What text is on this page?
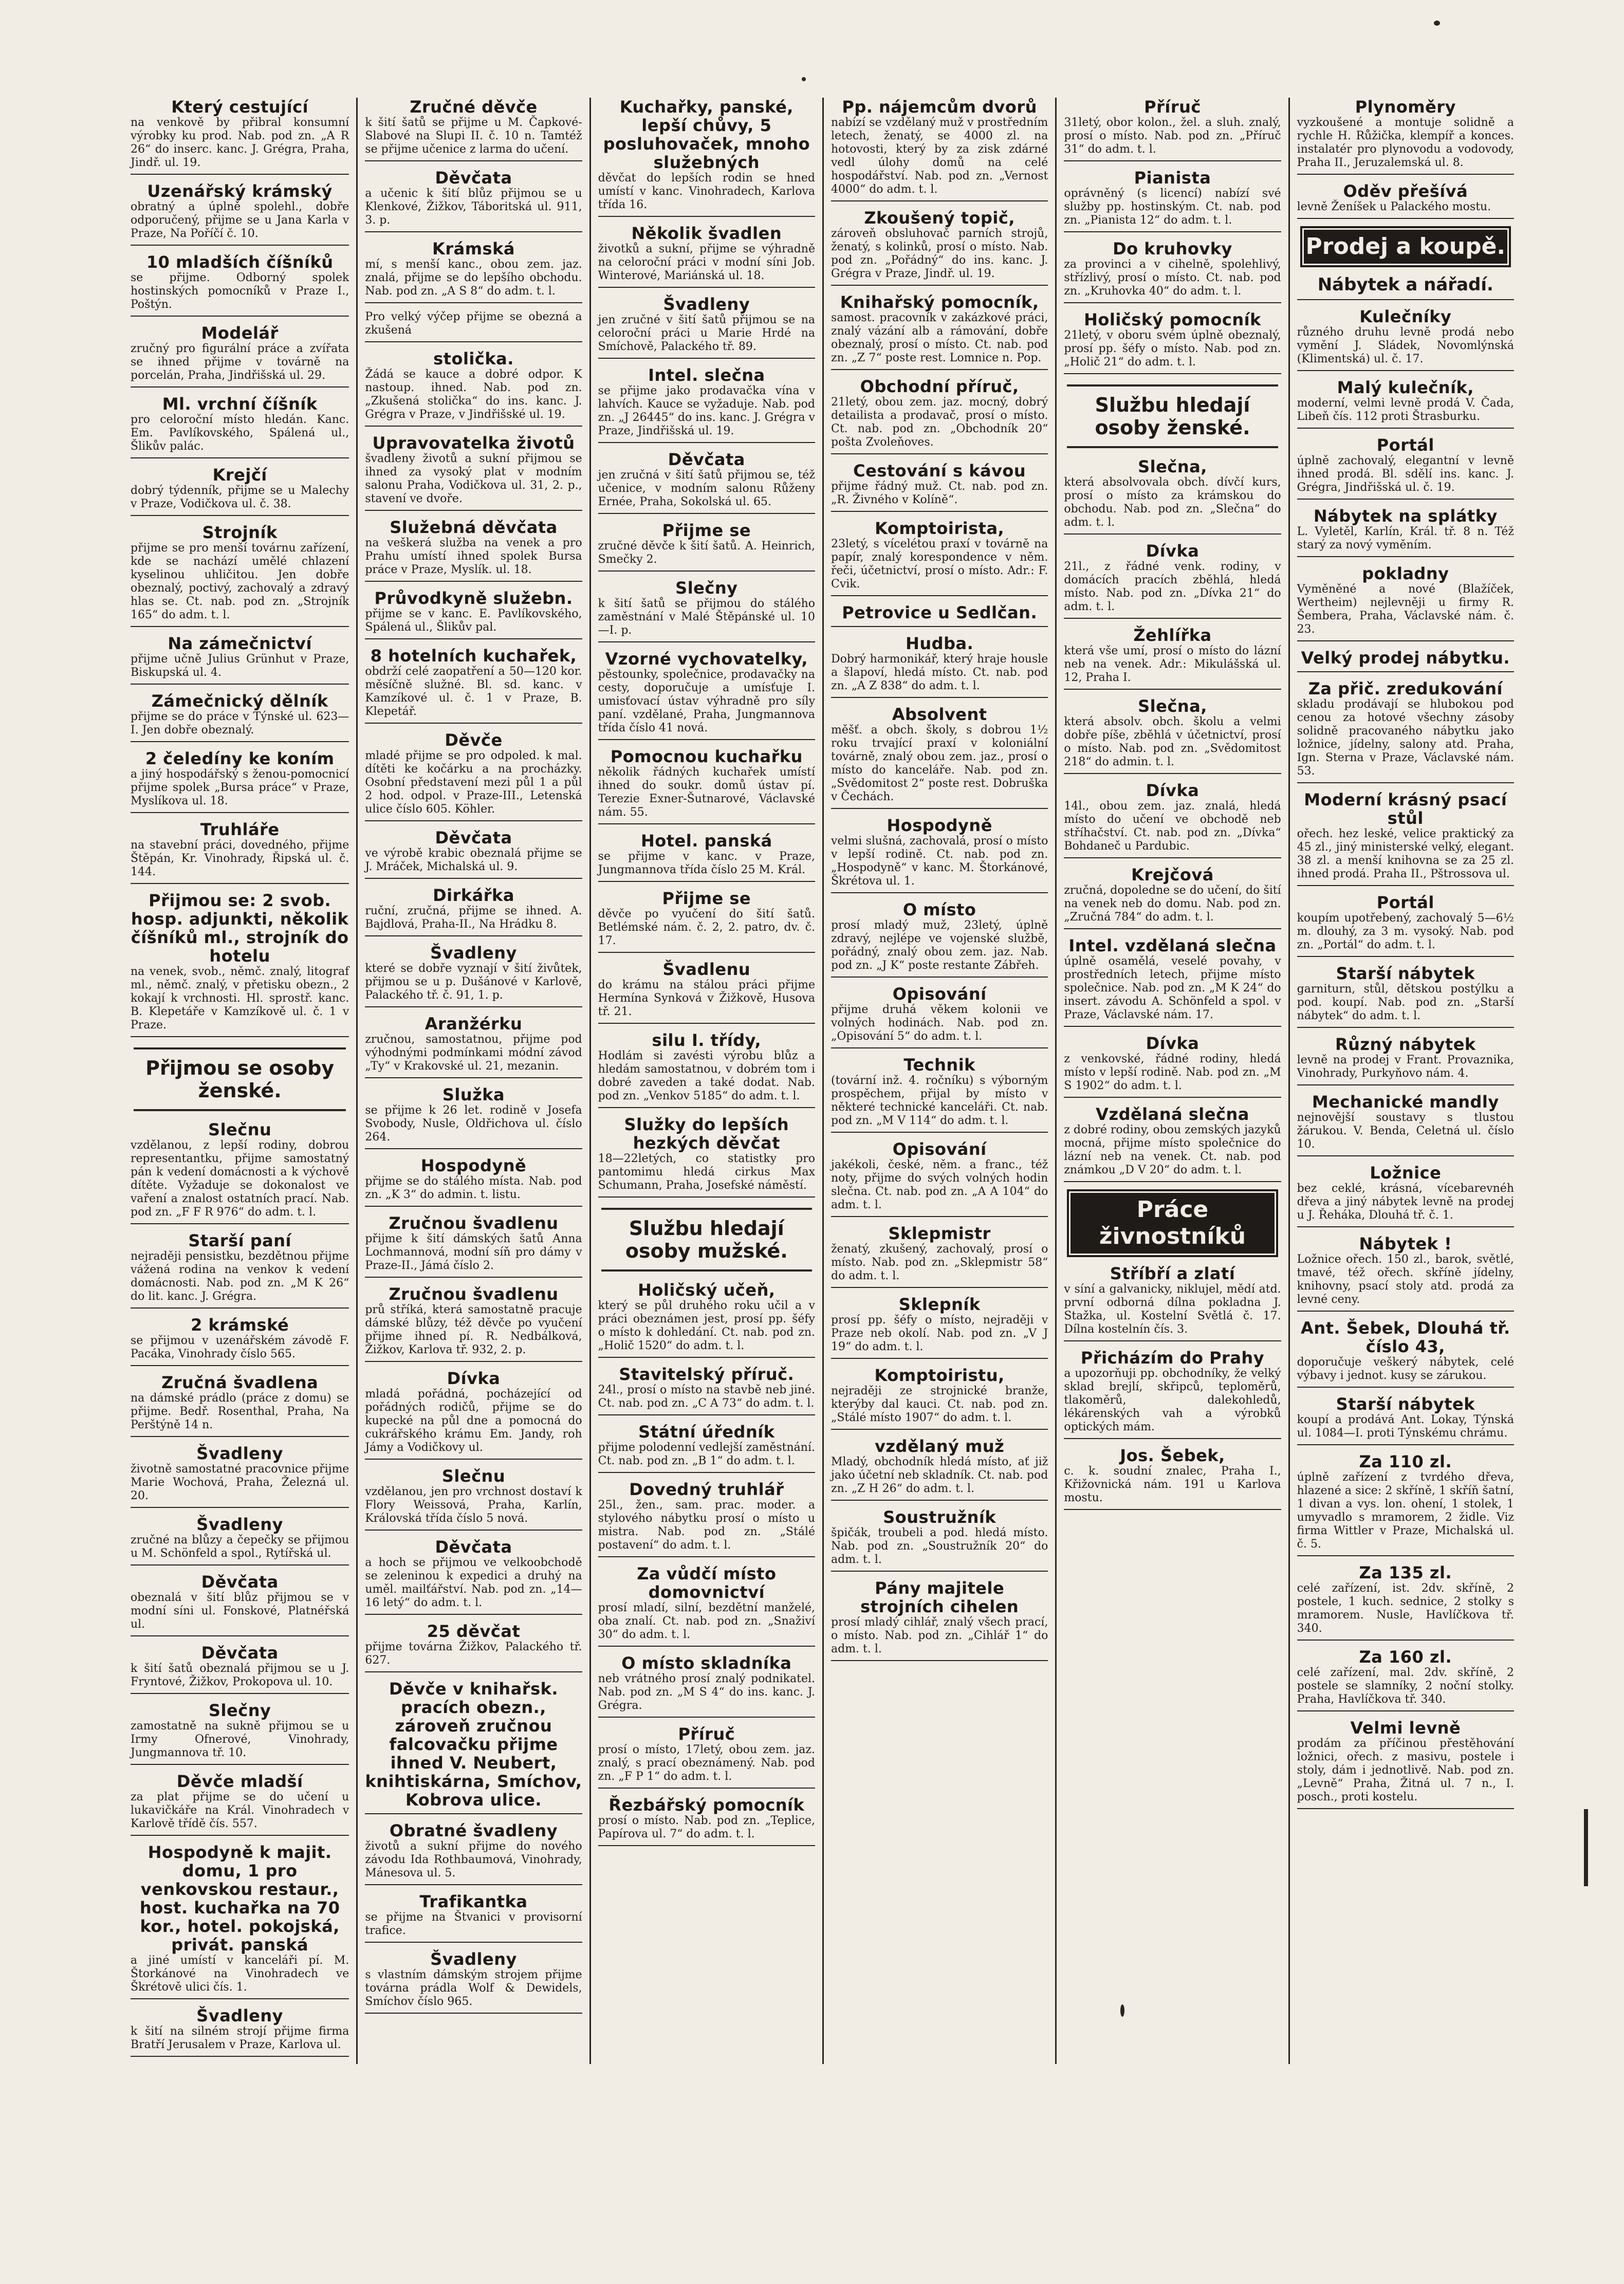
Který cestující
na venkově by přibral konsumní výrobky ku prod. Nab. pod zn. „A R 26“ do inserc. kanc. J. Grégra, Praha, Jindř. ul. 19.
Uzenářský krámský
obratný a úplně spolehl., dobře odporučený, přijme se u Jana Karla v Praze, Na Poříčí č. 10.
10 mladších číšníků
se přijme. Odborný spolek hostinských pomocníků v Praze I., Poštýn.
Modelář
zručný pro figurální práce a zvířata se ihned přijme v továrně na porcelán, Praha, Jindřišská ul. 29.
Ml. vrchní číšník
pro celoroční místo hledán. Kanc. Em. Pavlíkovského, Spálená ul., Šlikův palác.
Krejčí
dobrý týdenník, přijme se u Malechy v Praze, Vodičkova ul. č. 38.
Strojník
přijme se pro menší továrnu zařízení, kde se nachází umělé chlazení kyselinou uhličitou. Jen dobře obeznalý, poctivý, zachovalý a zdravý hlas se. Ct. nab. pod zn. „Strojník 165“ do adm. t. l.
Na zámečnictví
přijme učně Julius Grünhut v Praze, Biskupská ul. 4.
Zámečnický dělník
přijme se do práce v Týnské ul. 623—I. Jen dobře obeznalý.
2 čeledíny ke koním
a jiný hospodářský s ženou-pomocnicí přijme spolek „Bursa práce“ v Praze, Myslíkova ul. 18.
Truhláře
na stavební práci, dovedného, přijme Štěpán, Kr. Vinohrady, Řipská ul. č. 144.
Přijmou se: 2 svob. hosp. adjunkti, několik číšníků ml., strojník do hotelu
na venek, svob., němč. znalý, litograf ml., němč. znalý, v přetisku obezn., 2 kokají k vrchnosti. Hl. sprostř. kanc. B. Klepetáře v Kamzíkově ul. č. 1 v Praze.
Přijmou se osoby ženské.
Slečnu
vzdělanou, z lepší rodiny, dobrou representantku, přijme samostatný pán k vedení domácnosti a k výchově dítěte. Vyžaduje se dokonalost ve vaření a znalost ostatních prací. Nab. pod zn. „F F R 976“ do adm. t. l.
Starší paní
nejraději pensistku, bezdětnou přijme vážená rodina na venkov k vedení domácnosti. Nab. pod zn. „M K 26“ do lit. kanc. J. Grégra.
2 krámské
se přijmou v uzenářském závodě F. Pacáka, Vinohrady číslo 565.
Zručná švadlena
na dámské prádlo (práce z domu) se přijme. Bedř. Rosenthal, Praha, Na Perštýně 14 n.
Švadleny
životně samostatné pracovnice přijme Marie Wochová, Praha, Železná ul. 20.
Švadleny
zručné na blůzy a čepečky se přijmou u M. Schönfeld a spol., Rytířská ul.
Děvčata
obeznalá v šití blůz přijmou se v modní síni ul. Fonskové, Platnéřská ul.
Děvčata
k šití šatů obeznalá přijmou se u J. Fryntové, Žižkov, Prokopova ul. 10.
Slečny
zamostatně na sukně přijmou se u Irmy Ofnerové, Vinohrady, Jungmannova tř. 10.
Děvče mladší
za plat přijme se do učení u lukavičkáře na Král. Vinohradech v Karlově třídě čís. 557.
Hospodyně k majit. domu, 1 pro venkovskou restaur., host. kuchařka na 70 kor., hotel. pokojská, privát. panská
a jiné umístí v kanceláři pí. M. Štorkánové na Vinohradech ve Škrétově ulici čís. 1.
Švadleny
k šití na silném strojí přijme firma Bratří Jerusalem v Praze, Karlova ul.
Zručné děvče
k šití šatů se přijme u M. Čapkové-Slabové na Slupi II. č. 10 n. Tamtéž se přijme učenice z larma do učení.
Děvčata
a učenic k šití blůz přijmou se u Klenkové, Žižkov, Táboritská ul. 911, 3. p.
Krámská
mí, s menší kanc., obou zem. jaz. znalá, přijme se do lepšího obchodu. Nab. pod zn. „A S 8“ do adm. t. l.
Pro velký výčep přijme se obezná a zkušená
stolička.
Žádá se kauce a dobré odpor. K nastoup. ihned. Nab. pod zn. „Zkušená stolička“ do ins. kanc. J. Grégra v Praze, v Jindřišské ul. 19.
Upravovatelka životů
švadleny životů a sukní přijmou se ihned za vysoký plat v modním salonu Praha, Vodičkova ul. 31, 2. p., stavení ve dvoře.
Služebná děvčata
na veškerá služba na venek a pro Prahu umístí ihned spolek Bursa práce v Praze, Myslík. ul. 18.
Průvodkyně služebn.
přijme se v kanc. E. Pavlíkovského, Spálená ul., Šlikův pal.
8 hotelních kuchařek,
obdrží celé zaopatření a 50—120 kor. měsíčně služné. Bl. sd. kanc. v Kamzíkové ul. č. 1 v Praze, B. Klepetář.
Děvče
mladé přijme se pro odpoled. k mal. dítěti ke kočárku a na procházky. Osobní představení mezi půl 1 a půl 2 hod. odpol. v Praze-III., Letenská ulice číslo 605. Köhler.
Děvčata
ve výrobě krabic obeznalá přijme se J. Mráček, Michalská ul. 9.
Dirkářka
ruční, zručná, přijme se ihned. A. Bajdlová, Praha-II., Na Hrádku 8.
Švadleny
které se dobře vyznají v šití živůtek, přijmou se u p. Dušánové v Karlově, Palackého tř. č. 91, 1. p.
Aranžérku
zručnou, samostatnou, přijme pod výhodnými podmínkami módní závod „Ty“ v Krakovské ul. 21, mezanin.
Služka
se přijme k 26 let. rodině v Josefa Svobody, Nusle, Oldřichova ul. číslo 264.
Hospodyně
přijme se do stálého místa. Nab. pod zn. „K 3“ do admin. t. listu.
Zručnou švadlenu
přijme k šití dámských šatů Anna Lochmannová, modní síň pro dámy v Praze-II., Jámá číslo 2.
Zručnou švadlenu
prů stříká, která samostatně pracuje dámské blůzy, též děvče po vyučení přijme ihned pí. R. Nedbálková, Žižkov, Karlova tř. 932, 2. p.
Dívka
mladá pořádná, pocházející od pořádných rodičů, přijme se do kupecké na půl dne a pomocná do cukrářského krámu Em. Jandy, roh Jámy a Vodičkovy ul.
Slečnu
vzdělanou, jen pro vrchnost dostaví k Flory Weissová, Praha, Karlín, Královská třída číslo 5 nová.
Děvčata
a hoch se přijmou ve velkoobchodě se zeleninou k expedici a druhý na uměl. mailťářství. Nab. pod zn. „14—16 letý“ do adm. t. l.
25 děvčat
přijme továrna Žižkov, Palackého tř. 627.
Děvče v knihařsk. pracích obezn., zároveň zručnou falcovačku přijme ihned V. Neubert, knihtiskárna, Smíchov, Kobrova ulice.
Obratné švadleny
životů a sukní přijme do nového závodu Ida Rothbaumová, Vinohrady, Mánesova ul. 5.
Trafikantka
se přijme na Štvanici v provisorní trafice.
Švadleny
s vlastním dámským strojem přijme továrna prádla Wolf & Dewidels, Smíchov číslo 965.
Kuchařky, panské, lepší chůvy, 5 posluhovaček, mnoho služebných
děvčat do lepších rodin se hned umístí v kanc. Vinohradech, Karlova třída 16.
Několik švadlen
životků a sukní, přijme se výhradně na celoroční práci v modní síni Job. Winterové, Mariánská ul. 18.
Švadleny
jen zručné v šití šatů přijmou se na celoroční práci u Marie Hrdé na Smíchově, Palackého tř. 89.
Intel. slečna
se přijme jako prodavačka vína v lahvích. Kauce se vyžaduje. Nab. pod zn. „J 26445“ do ins. kanc. J. Grégra v Praze, Jindřišská ul. 19.
Děvčata
jen zručná v šití šatů přijmou se, též učenice, v modním salonu Růženy Ernée, Praha, Sokolská ul. 65.
Přijme se
zručné děvče k šití šatů. A. Heinrich, Smečky 2.
Slečny
k šití šatů se přijmou do stálého zaměstnání v Malé Štěpánské ul. 10—I. p.
Vzorné vychovatelky,
pěstounky, společnice, prodavačky na cesty, doporučuje a umísťuje I. umisťovací ústav výhradně pro síly paní. vzdělané, Praha, Jungmannova třída číslo 41 nová.
Pomocnou kuchařku
několik řádných kuchařek umístí ihned do soukr. domů ústav pí. Terezie Exner-Šutnarové, Václavské nám. 55.
Hotel. panská
se přijme v kanc. v Praze, Jungmannova třída číslo 25 M. Král.
Přijme se
děvče po vyučení do šití šatů. Betlémské nám. č. 2, 2. patro, dv. č. 17.
Švadlenu
do krámu na stálou práci přijme Hermína Synková v Žižkově, Husova tř. 21.
silu I. třídy,
Hodlám si zavésti výrobu blůz a hledám samostatnou, v dobrém tom i dobré zaveden a také dodat. Nab. pod zn. „Venkov 5185“ do adm. t. l.
Služky do lepších hezkých děvčat
18—22letých, co statistky pro pantomimu hledá cirkus Max Schumann, Praha, Josefské náměstí.
Službu hledají osoby mužské.
Holičský učeň,
který se půl druhého roku učil a v práci obeznámen jest, prosí pp. šéfy o místo k dohledání. Ct. nab. pod zn. „Holič 1520“ do adm. t. l.
Stavitelský příruč.
24l., prosí o místo na stavbě neb jiné. Ct. nab. pod zn. „C A 73“ do adm. t. l.
Státní úředník
přijme polodenní vedlejší zaměstnání. Ct. nab. pod zn. „B 1“ do adm. t. l.
Dovedný truhlář
25l., žen., sam. prac. moder. a stylového nábytku prosí o místo u mistra. Nab. pod zn. „Stálé postavení“ do adm. t. l.
Za vůdčí místo domovnictví
prosí mladí, silní, bezdětní manželé, oba znalí. Ct. nab. pod zn. „Snaživí 30“ do adm. t. l.
O místo skladníka
neb vrátného prosí znalý podnikatel. Nab. pod zn. „M S 4“ do ins. kanc. J. Grégra.
Příruč
prosí o místo, 17letý, obou zem. jaz. znalý, s prací obeznámený. Nab. pod zn. „F P 1“ do adm. t. l.
Řezbářský pomocník
prosí o místo. Nab. pod zn. „Teplice, Papírova ul. 7“ do adm. t. l.
Pp. nájemcům dvorů
nabízí se vzdělaný muž v prostředním letech, ženatý, se 4000 zl. na hotovosti, který by za zisk zdárné vedl úlohy domů na celé hospodářství. Nab. pod zn. „Vernost 4000“ do adm. t. l.
Zkoušený topič,
zároveň obsluhovač parních strojů, ženatý, s kolinků, prosí o místo. Nab. pod zn. „Pořádný“ do ins. kanc. J. Grégra v Praze, Jindř. ul. 19.
Knihařský pomocník,
samost. pracovník v zakázkové práci, znalý vázání alb a rámování, dobře obeznalý, prosí o místo. Ct. nab. pod zn. „Z 7“ poste rest. Lomnice n. Pop.
Obchodní příruč,
21letý, obou zem. jaz. mocný, dobrý detailista a prodavač, prosí o místo. Ct. nab. pod zn. „Obchodník 20“ pošta Zvoleňoves.
Cestování s kávou
přijme řádný muž. Ct. nab. pod zn. „R. Živného v Kolíně“.
Komptoirista,
23letý, s vícelétou praxí v továrně na papír, znalý korespondence v něm. řeči, účetnictví, prosí o místo. Adr.: F. Cvik.
Petrovice u Sedlčan.
Hudba.
Dobrý harmonikář, který hraje housle a šlapoví, hledá místo. Ct. nab. pod zn. „A Z 838“ do adm. t. l.
Absolvent
měšť. a obch. školy, s dobrou 1½ roku trvající praxí v koloniální továrně, znalý obou zem. jaz., prosí o místo do kanceláře. Nab. pod zn. „Svědomitost 2“ poste rest. Dobruška v Čechách.
Hospodyně
velmi slušná, zachovalá, prosí o místo v lepší rodině. Ct. nab. pod zn. „Hospodyně“ v kanc. M. Štorkánové, Škrétova ul. 1.
O místo
prosí mladý muž, 23letý, úplně zdravý, nejlépe ve vojenské službě, pořádný, znalý obou zem. jaz. Nab. pod zn. „J K“ poste restante Zábřeh.
Opisování
přijme druhá věkem kolonii ve volných hodinách. Nab. pod zn. „Opisování 5“ do adm. t. l.
Technik
(tovární inž. 4. ročníku) s výborným prospěchem, přijal by místo v některé technické kanceláři. Ct. nab. pod zn. „M V 114“ do adm. t. l.
Opisování
jakékoli, české, něm. a franc., též noty, přijme do svých volných hodin slečna. Ct. nab. pod zn. „A A 104“ do adm. t. l.
Sklepmistr
ženatý, zkušený, zachovalý, prosí o místo. Nab. pod zn. „Sklepmistr 58“ do adm. t. l.
Sklepník
prosí pp. šéfy o místo, nejraději v Praze neb okolí. Nab. pod zn. „V J 19“ do adm. t. l.
Komptoiristu,
nejraději ze strojnické branže, kterýby dal kauci. Ct. nab. pod zn. „Stálé místo 1907“ do adm. t. l.
vzdělaný muž
Mladý, obchodník hledá místo, ať již jako účetní neb skladník. Ct. nab. pod zn. „Z H 26“ do adm. t. l.
Soustružník
špičák, troubeli a pod. hledá místo. Nab. pod zn. „Soustružník 20“ do adm. t. l.
Pány majitele strojních cihelen
prosí mladý cihlář, znalý všech prací, o místo. Nab. pod zn. „Cihlář 1“ do adm. t. l.
Příruč
31letý, obor kolon., žel. a sluh. znalý, prosí o místo. Nab. pod zn. „Příruč 31“ do adm. t. l.
Pianista
oprávněný (s licencí) nabízí své služby pp. hostinským. Ct. nab. pod zn. „Pianista 12“ do adm. t. l.
Do kruhovky
za provinci a v cihelně, spolehlivý, střízlivý, prosí o místo. Ct. nab. pod zn. „Kruhovka 40“ do adm. t. l.
Holičský pomocník
21letý, v oboru svém úplně obeznalý, prosí pp. šéfy o místo. Nab. pod zn. „Holič 21“ do adm. t. l.
Službu hledají osoby ženské.
Slečna,
která absolvovala obch. dívčí kurs, prosí o místo za krámskou do obchodu. Nab. pod zn. „Slečna“ do adm. t. l.
Dívka
21l., z řádné venk. rodiny, v domácích pracích zběhlá, hledá místo. Nab. pod zn. „Dívka 21“ do adm. t. l.
Žehlířka
která vše umí, prosí o místo do lázní neb na venek. Adr.: Mikulášská ul. 12, Praha I.
Slečna,
která absolv. obch. školu a velmi dobře píše, zběhlá v účetnictví, prosí o místo. Nab. pod zn. „Svědomitost 218“ do admin. t. l.
Dívka
14l., obou zem. jaz. znalá, hledá místo do učení ve obchodě neb stříhačství. Ct. nab. pod zn. „Dívka“ Bohdaneč u Pardubic.
Krejčová
zručná, dopoledne se do učení, do šití na venek neb do domu. Nab. pod zn. „Zručná 784“ do adm. t. l.
Intel. vzdělaná slečna
úplně osamělá, veselé povahy, v prostředních letech, přijme místo společnice. Nab. pod zn. „M K 24“ do insert. závodu A. Schönfeld a spol. v Praze, Václavské nám. 17.
Dívka
z venkovské, řádné rodiny, hledá místo v lepší rodině. Nab. pod zn. „M S 1902“ do adm. t. l.
Vzdělaná slečna
z dobré rodiny, obou zemských jazyků mocná, přijme místo společnice do lázní neb na venek. Ct. nab. pod známkou „D V 20“ do adm. t. l.
Práce živnostníků
Stříbří a zlatí
v síní a galvanicky, niklujel, mědí atd. první odborná dílna pokladna J. Stažka, ul. Kostelní Světlá č. 17. Dílna kostelnín čís. 3.
Přicházím do Prahy
a upozorňuji pp. obchodníky, že velký sklad brejlí, skřipců, teploměrů, tlakoměrů, dalekohledů, lékárenských vah a výrobků optických mám.
Jos. Šebek,
c. k. soudní znalec, Praha I., Křižovnická nám. 191 u Karlova mostu.
Plynoměry
vyzkoušené a montuje solidně a rychle H. Růžička, klempíř a konces. instalatér pro plynovodu a vodovody, Praha II., Jeruzalemská ul. 8.
Oděv přešívá
levně Ženíšek u Palackého mostu.
Prodej a koupě.
Nábytek a nářadí.
Kulečníky
různého druhu levně prodá nebo vymění J. Sládek, Novomlýnská (Klimentská) ul. č. 17.
Malý kulečník,
moderní, velmi levně prodá V. Čada, Libeň čís. 112 proti Štrasburku.
Portál
úplně zachovalý, elegantní v levně ihned prodá. Bl. sdělí ins. kanc. J. Grégra, Jindřišská ul. č. 19.
Nábytek na splátky
L. Vyletěl, Karlín, Král. tř. 8 n. Též starý za nový vyměním.
pokladny
Vyměněné a nové (Blažíček, Wertheim) nejlevněji u firmy R. Šembera, Praha, Václavské nám. č. 23.
Velký prodej nábytku.
Za přič. zredukování
skladu prodávají se hlubokou pod cenou za hotové všechny zásoby solidně pracovaného nábytku jako ložnice, jídelny, salony atd. Praha, Ign. Sterna v Praze, Václavské nám. 53.
Moderní krásný psací stůl
ořech. hez leské, velice praktický za 45 zl., jiný ministerské velký, elegant. 38 zl. a menší knihovna se za 25 zl. ihned prodá. Praha II., Pštrossova ul.
Portál
koupím upotřebený, zachovalý 5—6½ m. dlouhý, za 3 m. vysoký. Nab. pod zn. „Portál“ do adm. t. l.
Starší nábytek
garniturn, stůl, dětskou postýlku a pod. koupí. Nab. pod zn. „Starší nábytek“ do adm. t. l.
Různý nábytek
levně na prodej v Frant. Provaznika, Vinohrady, Purkyňovo nám. 4.
Mechanické mandly
nejnovější soustavy s tlustou žárukou. V. Benda, Celetná ul. číslo 10.
Ložnice
bez ceklé, krásná, vícebarevnéh dřeva a jiný nábytek levně na prodej u J. Řeháka, Dlouhá tř. č. 1.
Nábytek !
Ložnice ořech. 150 zl., barok, světlé, tmavé, též ořech. skříně jídelny, knihovny, psací stoly atd. prodá za levné ceny.
Ant. Šebek, Dlouhá tř. číslo 43,
doporučuje veškerý nábytek, celé výbavy i jednot. kusy se zárukou.
Starší nábytek
koupí a prodává Ant. Lokay, Týnská ul. 1084—I. proti Týnskému chrámu.
Za 110 zl.
úplně zařízení z tvrdého dřeva, hlazené a sice: 2 skříně, 1 skříň šatní, 1 divan a vys. lon. ohení, 1 stolek, 1 umyvadlo s mramorem, 2 židle. Viz firma Wittler v Praze, Michalská ul. č. 5.
Za 135 zl.
celé zařízení, ist. 2dv. skříně, 2 postele, 1 kuch. sednice, 2 stolky s mramorem. Nusle, Havlíčkova tř. 340.
Za 160 zl.
celé zařízení, mal. 2dv. skříně, 2 postele se slamníky, 2 noční stolky. Praha, Havlíčkova tř. 340.
Velmi levně
prodám za příčinou přestěhování ložnici, ořech. z masivu, postele i stoly, dám i jednotlivě. Nab. pod zn. „Levně“ Praha, Žitná ul. 7 n., I. posch., proti kostelu.
